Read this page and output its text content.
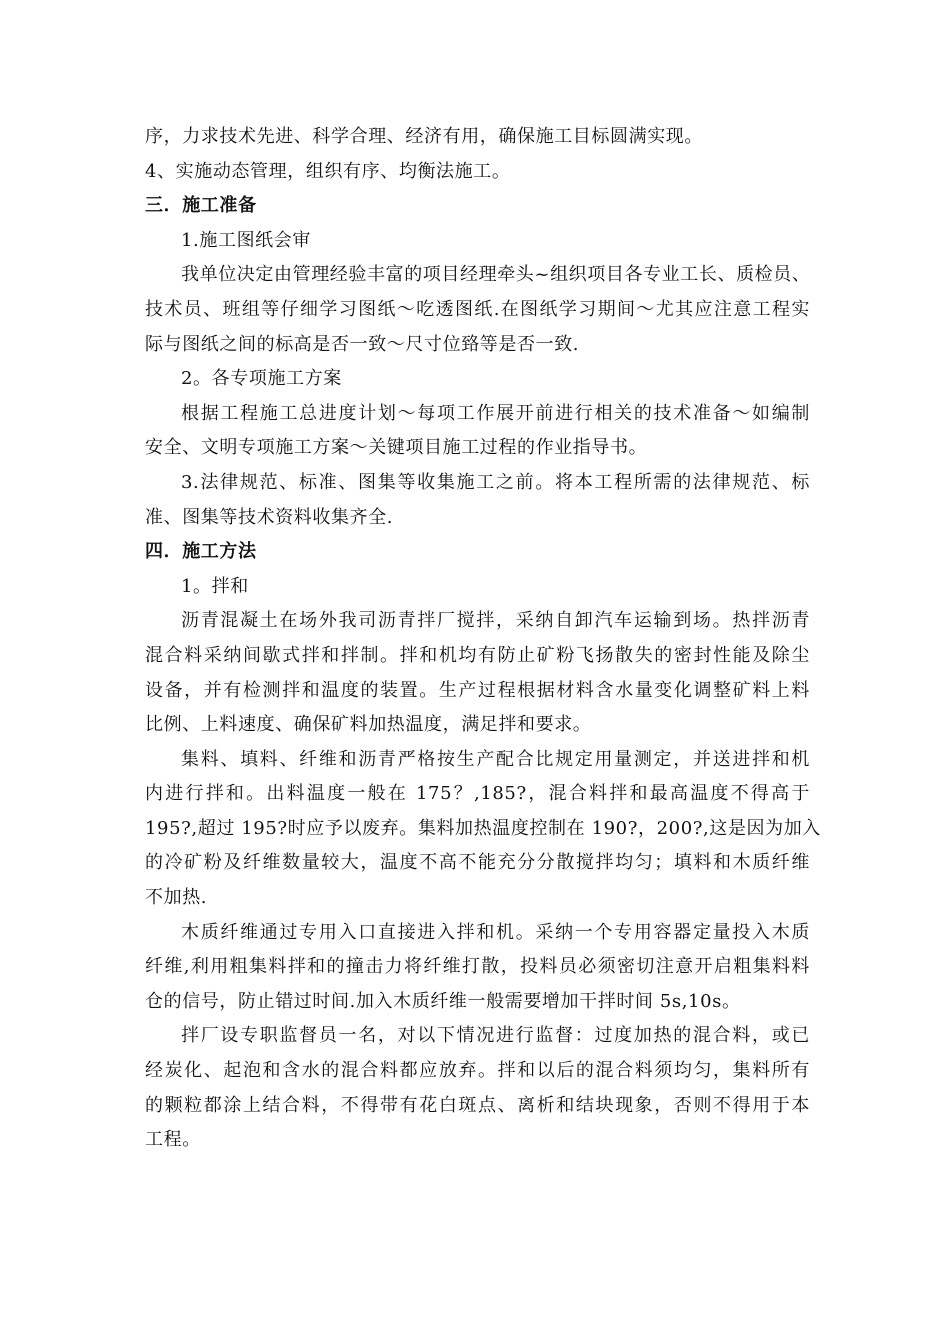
序，力求技术先进、科学合理、经济有用，确保施工目标圆满实现。
4、实施动态管理，组织有序、均衡法施工。
三．施工准备
1.施工图纸会审
我单位决定由管理经验丰富的项目经理牵头~组织项目各专业工长、质检员、
技术员、班组等仔细学习图纸～吃透图纸.在图纸学习期间～尤其应注意工程实
际与图纸之间的标高是否一致～尺寸位臵等是否一致.
2。各专项施工方案
根据工程施工总进度计划～每项工作展开前进行相关的技术准备～如编制
安全、文明专项施工方案～关键项目施工过程的作业指导书。
3.法律规范、标准、图集等收集施工之前。将本工程所需的法律规范、标
准、图集等技术资料收集齐全.
四．施工方法
1。拌和
沥青混凝土在场外我司沥青拌厂搅拌，采纳自卸汽车运输到场。热拌沥青
混合料采纳间歇式拌和拌制。拌和机均有防止矿粉飞扬散失的密封性能及除尘
设备，并有检测拌和温度的装置。生产过程根据材料含水量变化调整矿料上料
比例、上料速度、确保矿料加热温度，满足拌和要求。
集料、填料、纤维和沥青严格按生产配合比规定用量测定，并送进拌和机
内进行拌和。出料温度一般在 175？,185?，混合料拌和最高温度不得高于
195?,超过 195?时应予以废弃。集料加热温度控制在 190?，200?,这是因为加入
的冷矿粉及纤维数量较大，温度不高不能充分分散搅拌均匀；填料和木质纤维
不加热.
木质纤维通过专用入口直接进入拌和机。采纳一个专用容器定量投入木质
纤维,利用粗集料拌和的撞击力将纤维打散，投料员必须密切注意开启粗集料料
仓的信号，防止错过时间.加入木质纤维一般需要增加干拌时间 5s,10s。
拌厂设专职监督员一名，对以下情况进行监督：过度加热的混合料，或已
经炭化、起泡和含水的混合料都应放弃。拌和以后的混合料须均匀，集料所有
的颗粒都涂上结合料，不得带有花白斑点、离析和结块现象，否则不得用于本
工程。
